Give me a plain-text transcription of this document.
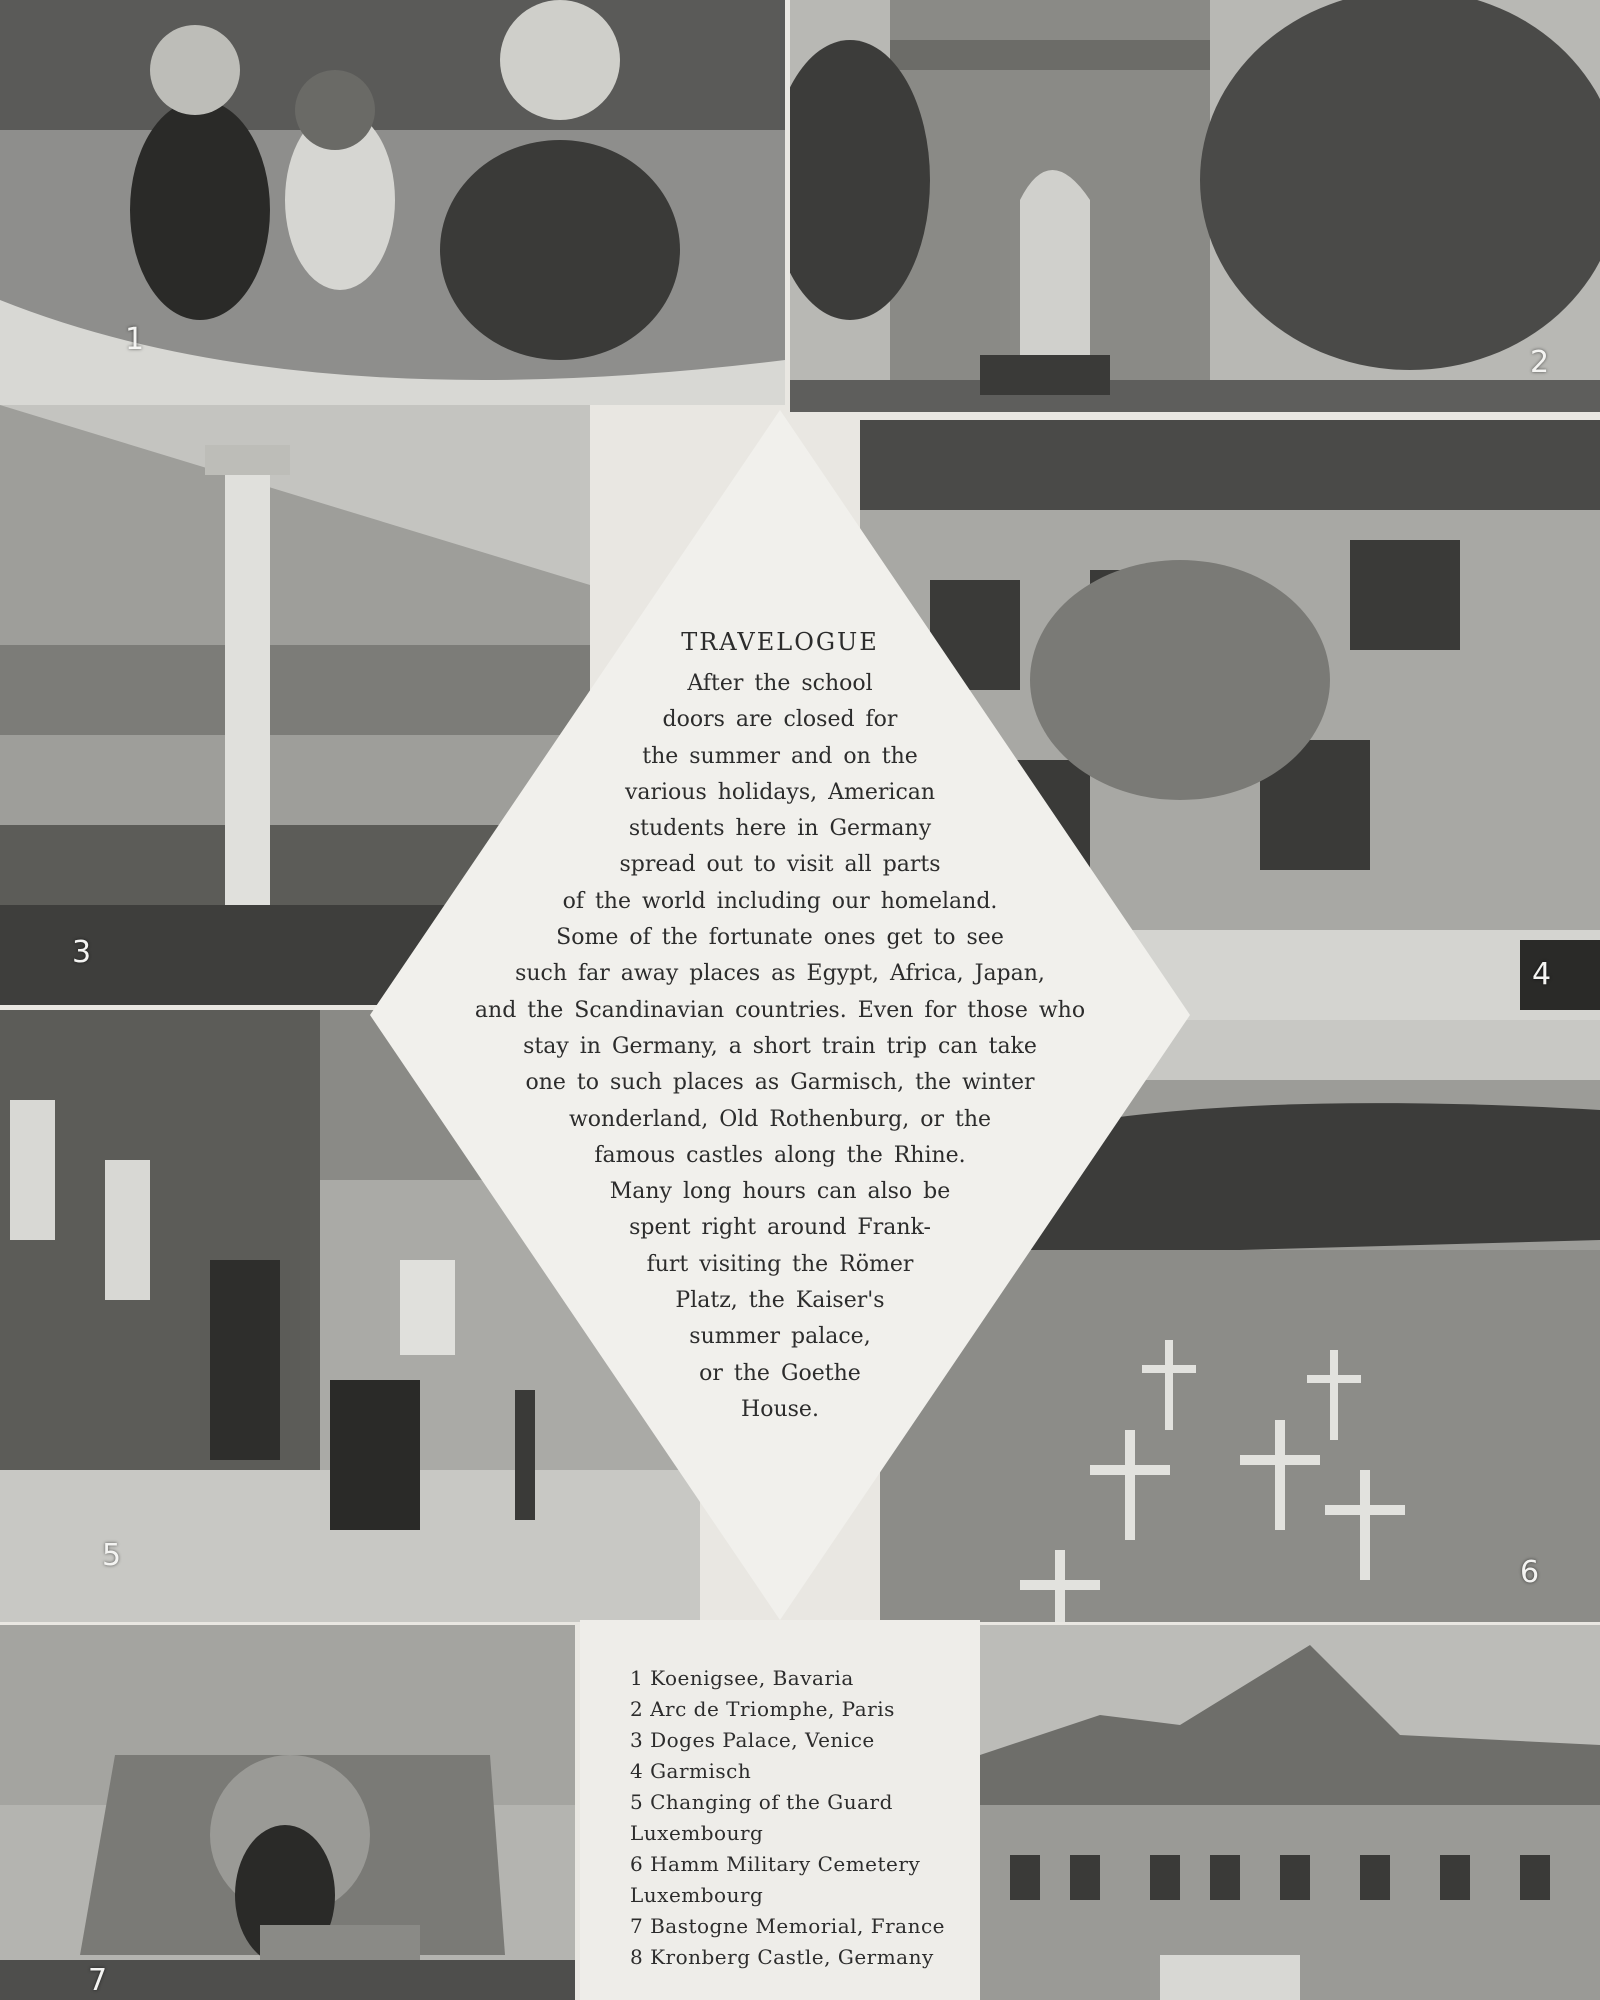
1
2
3
4
5	6
7
TRAVELOGUE
After the school
doors are closed for
the summer and on the
various holidays, American
students here in Germany
spread out to visit all parts
of the world including our homeland.
Some of the fortunate ones get to see
such far away places as Egypt, Africa, Japan,
and the Scandinavian countries. Even for those who
stay in Germany, a short train trip can take
one to such places as Garmisch, the winter
wonderland, Old Rothenburg, or the
famous castles along the Rhine.
Many long hours can also be
spent right around Frank-
furt visiting the Römer
Platz, the Kaiser's
summer palace,
or the Goethe
House.
1 Koenigsee, Bavaria
2 Arc de Triomphe, Paris
3 Doges Palace, Venice
4 Garmisch
5 Changing of the Guard
Luxembourg
6 Hamm Military Cemetery
Luxembourg
7 Bastogne Memorial, France
8 Kronberg Castle, Germany
